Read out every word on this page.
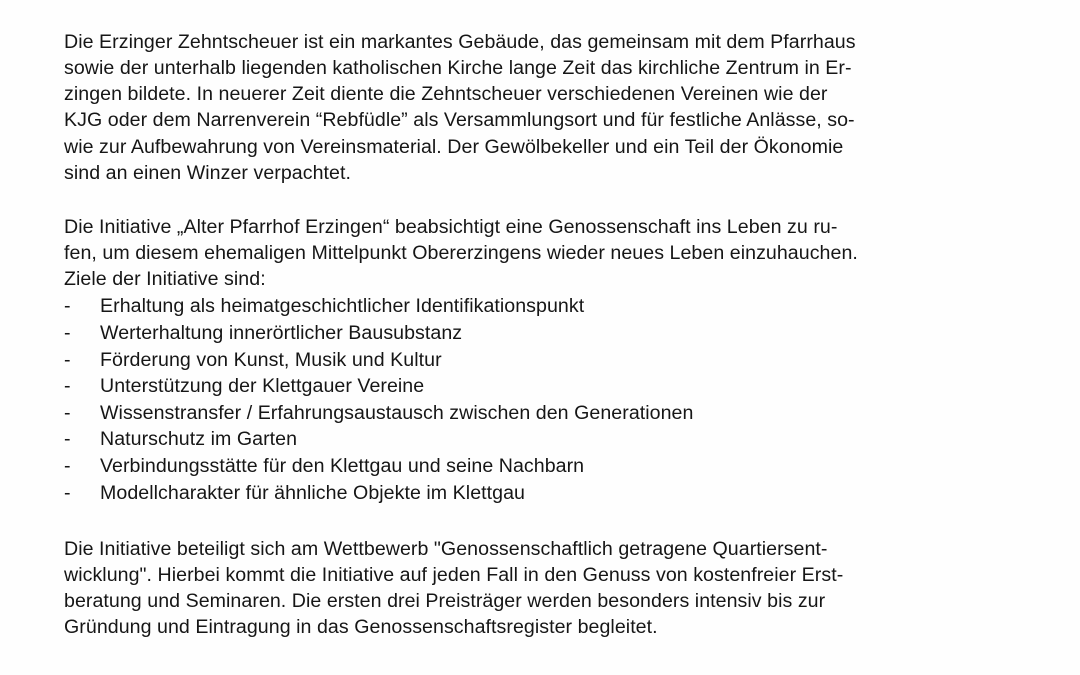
Die Erzinger Zehntscheuer ist ein markantes Gebäude, das gemeinsam mit dem Pfarrhaus
sowie der unterhalb liegenden katholischen Kirche lange Zeit das kirchliche Zentrum in Er-
zingen bildete. In neuerer Zeit diente die Zehntscheuer verschiedenen Vereinen wie der
KJG oder dem Narrenverein “Rebfüdle” als Versammlungsort und für festliche Anlässe, so-
wie zur Aufbewahrung von Vereinsmaterial. Der Gewölbekeller und ein Teil der Ökonomie
sind an einen Winzer verpachtet.
Die Initiative „Alter Pfarrhof Erzingen“ beabsichtigt eine Genossenschaft ins Leben zu ru-
fen, um diesem ehemaligen Mittelpunkt Obererzingens wieder neues Leben einzuhauchen.
Ziele der Initiative sind:
- Erhaltung als heimatgeschichtlicher Identifikationspunkt
- Werterhaltung innerörtlicher Bausubstanz
- Förderung von Kunst, Musik und Kultur
- Unterstützung der Klettgauer Vereine
- Wissenstransfer / Erfahrungsaustausch zwischen den Generationen
- Naturschutz im Garten
- Verbindungsstätte für den Klettgau und seine Nachbarn
- Modellcharakter für ähnliche Objekte im Klettgau
Die Initiative beteiligt sich am Wettbewerb "Genossenschaftlich getragene Quartiersent-
wicklung". Hierbei kommt die Initiative auf jeden Fall in den Genuss von kostenfreier Erst-
beratung und Seminaren. Die ersten drei Preisträger werden besonders intensiv bis zur
Gründung und Eintragung in das Genossenschaftsregister begleitet.
